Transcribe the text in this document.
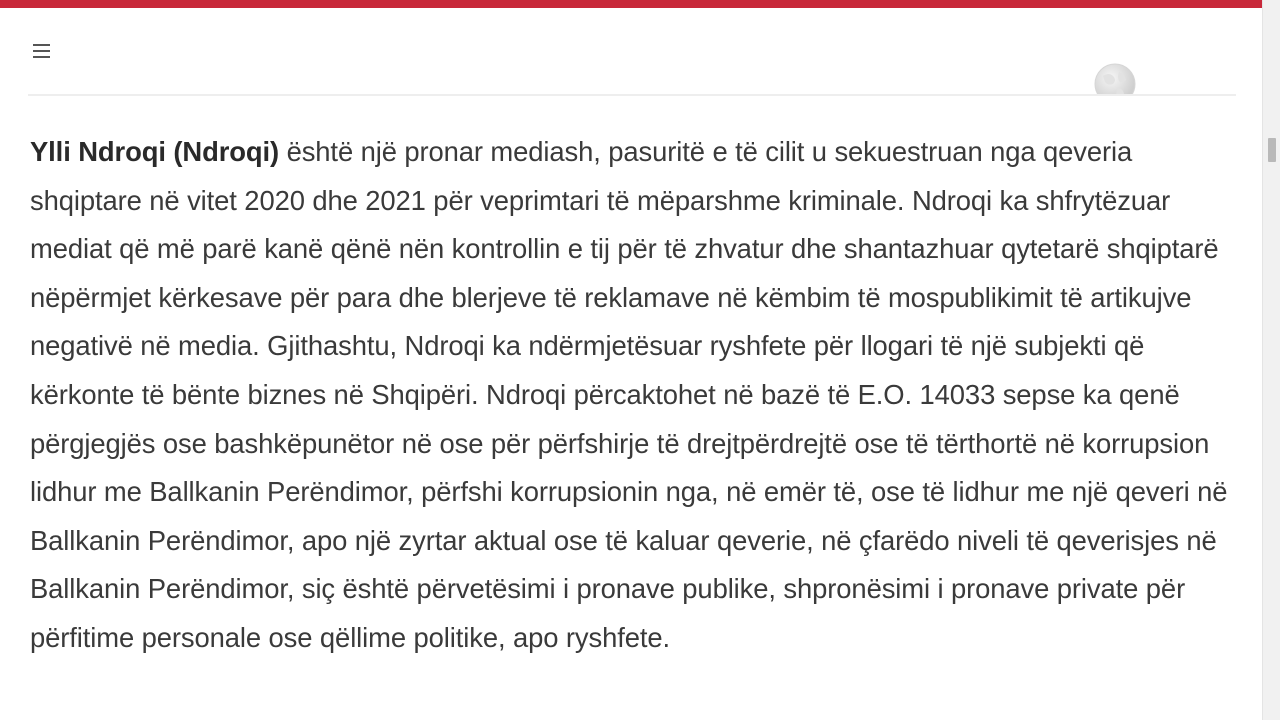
Ylli Ndroqi (Ndroqi) është një pronar mediash, pasuritë e të cilit u sekuestruan nga qeveria shqiptare në vitet 2020 dhe 2021 për veprimtari të mëparshme kriminale. Ndroqi ka shfrytëzuar mediat që më parë kanë qënë nën kontrollin e tij për të zhvatur dhe shantazhuar qytetarë shqiptarë nëpërmjet kërkesave për para dhe blerjeve të reklamave në këmbim të mospublikimit të artikujve negativë në media. Gjithashtu, Ndroqi ka ndërmjetësuar ryshfete për llogari të një subjekti që kërkonte të bënte biznes në Shqipëri. Ndroqi përcaktohet në bazë të E.O. 14033 sepse ka qenë përgjegjës ose bashkëpunëtor në ose për përfshirje të drejtpërdrejtë ose të tërthortë në korrupsion lidhur me Ballkanin Perëndimor, përfshi korrupsionin nga, në emër të, ose të lidhur me një qeveri në Ballkanin Perëndimor, apo një zyrtar aktual ose të kaluar qeverie, në çfarëdo niveli të qeverisjes në Ballkanin Perëndimor, siç është përvetësimi i pronave publike, shpronësimi i pronave private për përfitime personale ose qëllime politike, apo ryshfete.
